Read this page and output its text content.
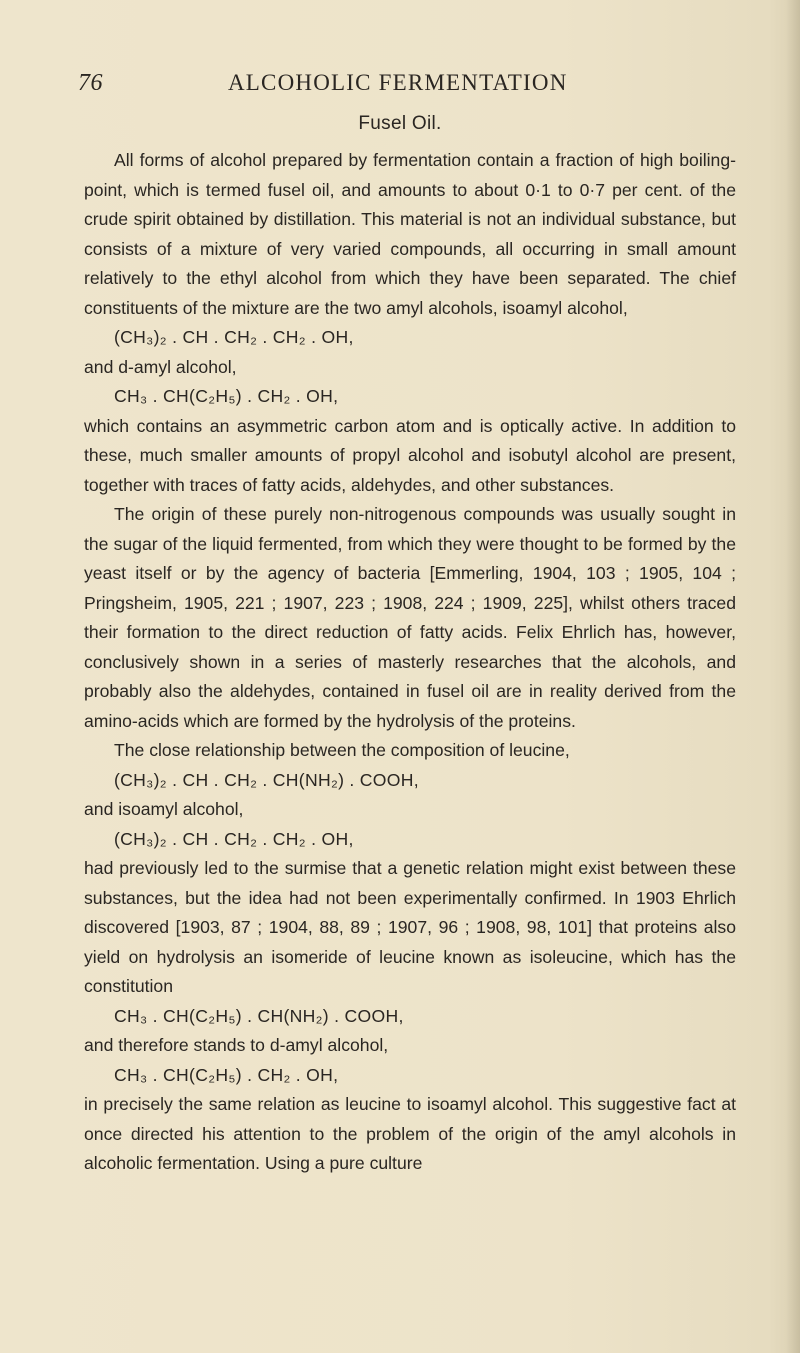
76	ALCOHOLIC FERMENTATION
Fusel Oil.

All forms of alcohol prepared by fermentation contain a fraction of high boiling-point, which is termed fusel oil, and amounts to about 0·1 to 0·7 per cent. of the crude spirit obtained by distillation. This material is not an individual substance, but consists of a mixture of very varied compounds, all occurring in small amount relatively to the ethyl alcohol from which they have been separated. The chief constituents of the mixture are the two amyl alcohols, isoamyl alcohol,

(CH₃)₂ . CH . CH₂ . CH₂ . OH,

and d-amyl alcohol,

CH₃ . CH(C₂H₅) . CH₂ . OH,

which contains an asymmetric carbon atom and is optically active. In addition to these, much smaller amounts of propyl alcohol and isobutyl alcohol are present, together with traces of fatty acids, aldehydes, and other substances.

The origin of these purely non-nitrogenous compounds was usually sought in the sugar of the liquid fermented, from which they were thought to be formed by the yeast itself or by the agency of bacteria [Emmerling, 1904, 103 ; 1905, 104 ; Pringsheim, 1905, 221 ; 1907, 223 ; 1908, 224 ; 1909, 225], whilst others traced their formation to the direct reduction of fatty acids. Felix Ehrlich has, however, conclusively shown in a series of masterly researches that the alcohols, and probably also the aldehydes, contained in fusel oil are in reality derived from the amino-acids which are formed by the hydrolysis of the proteins.

The close relationship between the composition of leucine,

(CH₃)₂ . CH . CH₂ . CH(NH₂) . COOH,

and isoamyl alcohol,

(CH₃)₂ . CH . CH₂ . CH₂ . OH,

had previously led to the surmise that a genetic relation might exist between these substances, but the idea had not been experimentally confirmed. In 1903 Ehrlich discovered [1903, 87 ; 1904, 88, 89 ; 1907, 96 ; 1908, 98, 101] that proteins also yield on hydrolysis an isomeride of leucine known as isoleucine, which has the constitution

CH₃ . CH(C₂H₅) . CH(NH₂) . COOH,

and therefore stands to d-amyl alcohol,

CH₃ . CH(C₂H₅) . CH₂ . OH,

in precisely the same relation as leucine to isoamyl alcohol. This suggestive fact at once directed his attention to the problem of the origin of the amyl alcohols in alcoholic fermentation. Using a pure culture
